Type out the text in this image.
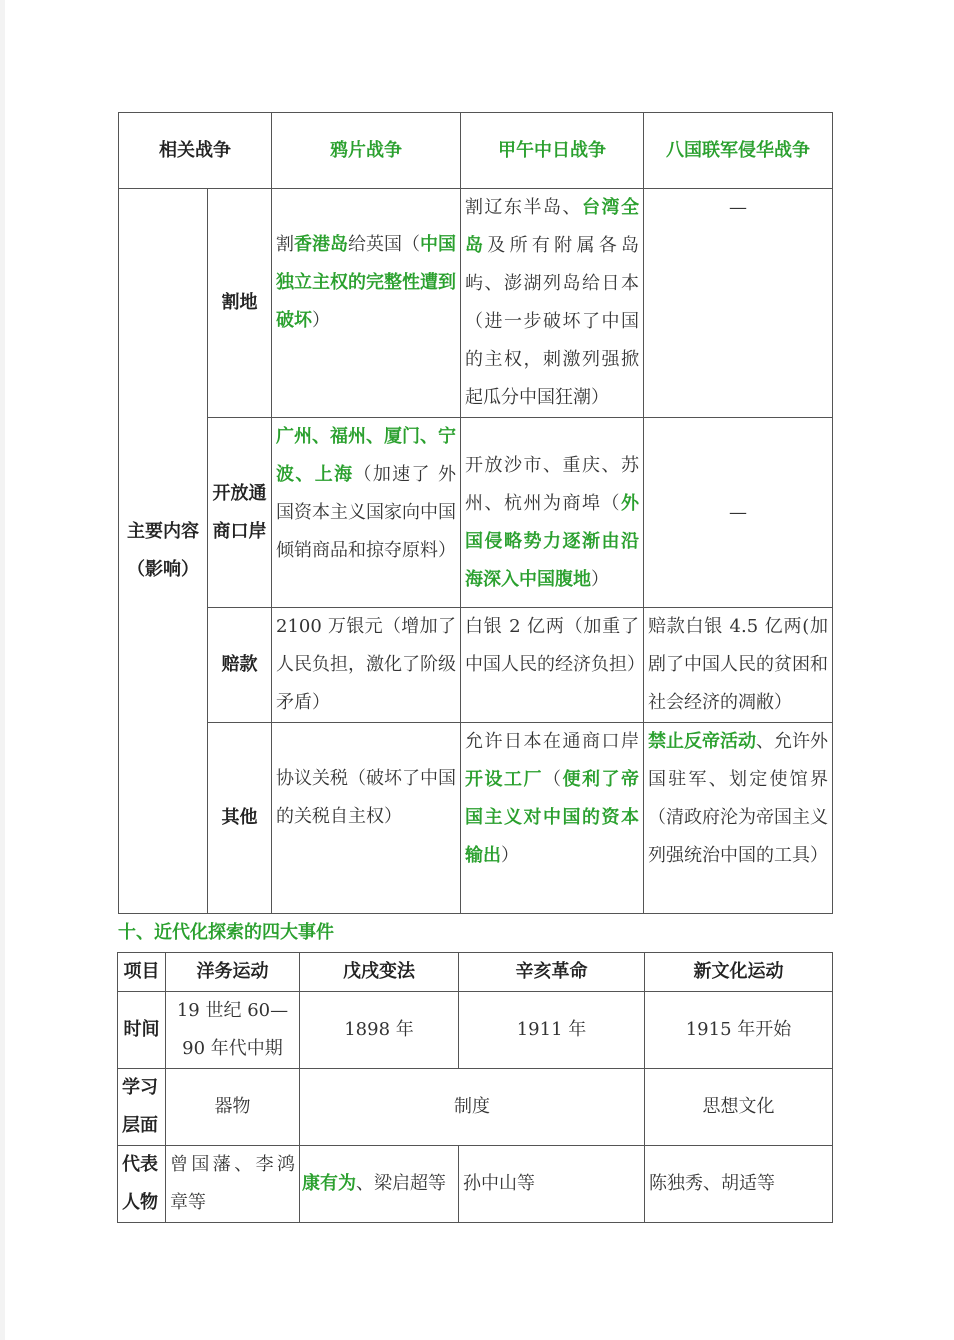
相关战争		鸦片战争	甲午中日战争	八国联军侵华战争
主要内容（影响）	割地	割香港岛给英国（中国独立主权的完整性遭到破坏）	割辽东半岛、台湾全岛及所有附属各岛屿、澎湖列岛给日本（进一步破坏了中国的主权，刺激列强掀起瓜分中国狂潮）	—
	开放通商口岸	广州、福州、厦门、宁波、上海（加速了 外国资本主义国家向中国倾销商品和掠夺原料）	开放沙市、重庆、苏州、杭州为商埠（外国侵略势力逐渐由沿海深入中国腹地）	—
	赔款	2100 万银元（增加了人民负担，激化了阶级矛盾）	白银 2 亿两（加重了中国人民的经济负担）	赔款白银 4.5 亿两(加剧了中国人民的贫困和社会经济的凋敝）
	其他	协议关税（破坏了中国的关税自主权）	允许日本在通商口岸开设工厂（便利了帝国主义对中国的资本输出）	禁止反帝活动、允许外国驻军、划定使馆界（清政府沦为帝国主义列强统治中国的工具）
十、近代化探索的四大事件
项目	洋务运动	戊戌变法	辛亥革命	新文化运动
时间	19 世纪 60—90 年代中期	1898 年	1911 年	1915 年开始
学习层面	器物	制度		思想文化
代表人物	曾国藩、李鸿章等	康有为、梁启超等	孙中山等	陈独秀、胡适等
